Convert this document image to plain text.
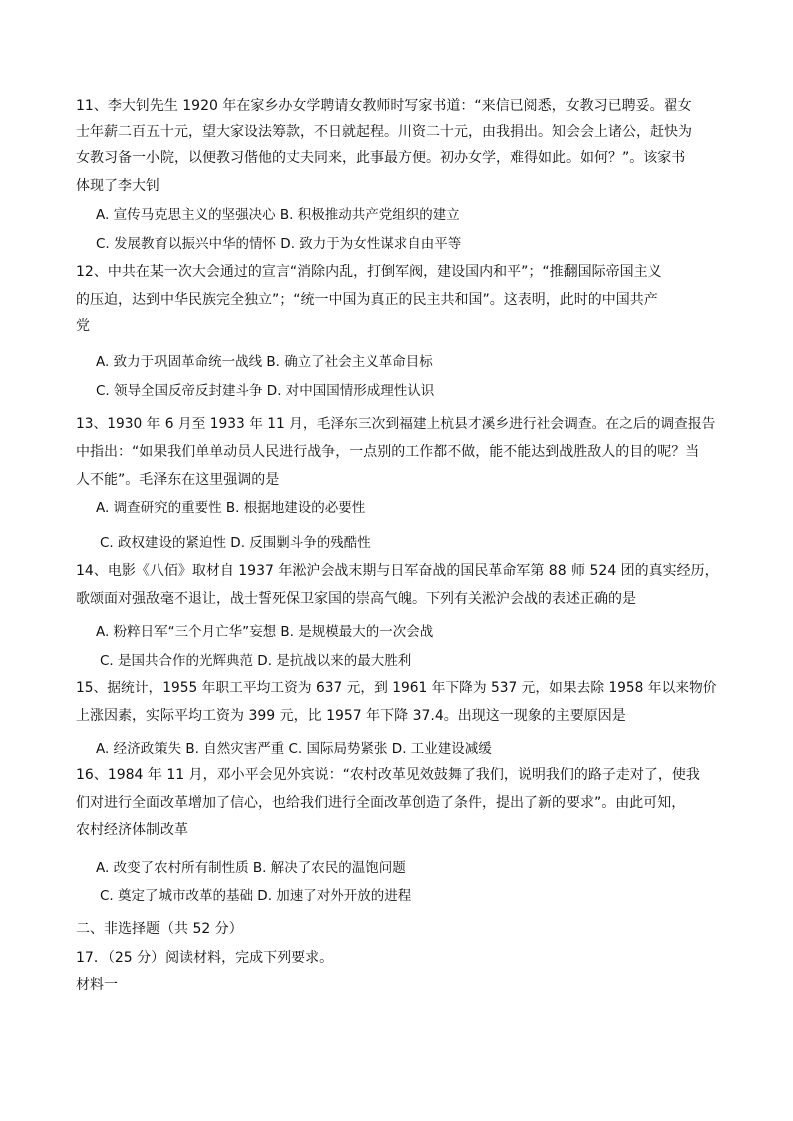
11、李大钊先生 1920 年在家乡办女学聘请女教师时写家书道：“来信已阅悉，女教习已聘妥。翟女
士年薪二百五十元，望大家设法筹款，不日就起程。川资二十元，由我捐出。知会会上诸公，赶快为
女教习备一小院，以便教习偕他的丈夫同来，此事最方便。初办女学，难得如此。如何？”。该家书
体现了李大钊
A. 宣传马克思主义的坚强决心 B. 积极推动共产党组织的建立
C. 发展教育以振兴中华的情怀 D. 致力于为女性谋求自由平等
12、中共在某一次大会通过的宣言“消除内乱，打倒军阀，建设国内和平”；“推翻国际帝国主义
的压迫，达到中华民族完全独立”；“统一中国为真正的民主共和国”。这表明，此时的中国共产
党
A. 致力于巩固革命统一战线 B. 确立了社会主义革命目标
C. 领导全国反帝反封建斗争 D. 对中国国情形成理性认识
13、1930 年 6 月至 1933 年 11 月，毛泽东三次到福建上杭县才溪乡进行社会调查。在之后的调查报告
中指出：“如果我们单单动员人民进行战争，一点别的工作都不做，能不能达到战胜敌人的目的呢？当
人不能”。毛泽东在这里强调的是
A. 调查研究的重要性 B. 根据地建设的必要性
C. 政权建设的紧迫性 D. 反围剿斗争的残酷性
14、电影《八佰》取材自 1937 年淞沪会战末期与日军奋战的国民革命军第 88 师 524 团的真实经历，
歌颂面对强敌毫不退让，战士誓死保卫家国的崇高气魄。下列有关淞沪会战的表述正确的是
A. 粉粹日军“三个月亡华”妄想 B. 是规模最大的一次会战
C. 是国共合作的光辉典范 D. 是抗战以来的最大胜利
15、据统计，1955 年职工平均工资为 637 元，到 1961 年下降为 537 元，如果去除 1958 年以来物价
上涨因素，实际平均工资为 399 元，比 1957 年下降 37.4。出现这一现象的主要原因是
A. 经济政策失 B. 自然灾害严重 C. 国际局势紧张 D. 工业建设减缓
16、1984 年 11 月，邓小平会见外宾说：“农村改革见效鼓舞了我们，说明我们的路子走对了，使我
们对进行全面改革增加了信心，也给我们进行全面改革创造了条件，提出了新的要求”。由此可知，
农村经济体制改革
A. 改变了农村所有制性质 B. 解决了农民的温饱问题
C. 奠定了城市改革的基础 D. 加速了对外开放的进程
二、非选择题（共 52 分）
17．（25 分）阅读材料，完成下列要求。
材料一
